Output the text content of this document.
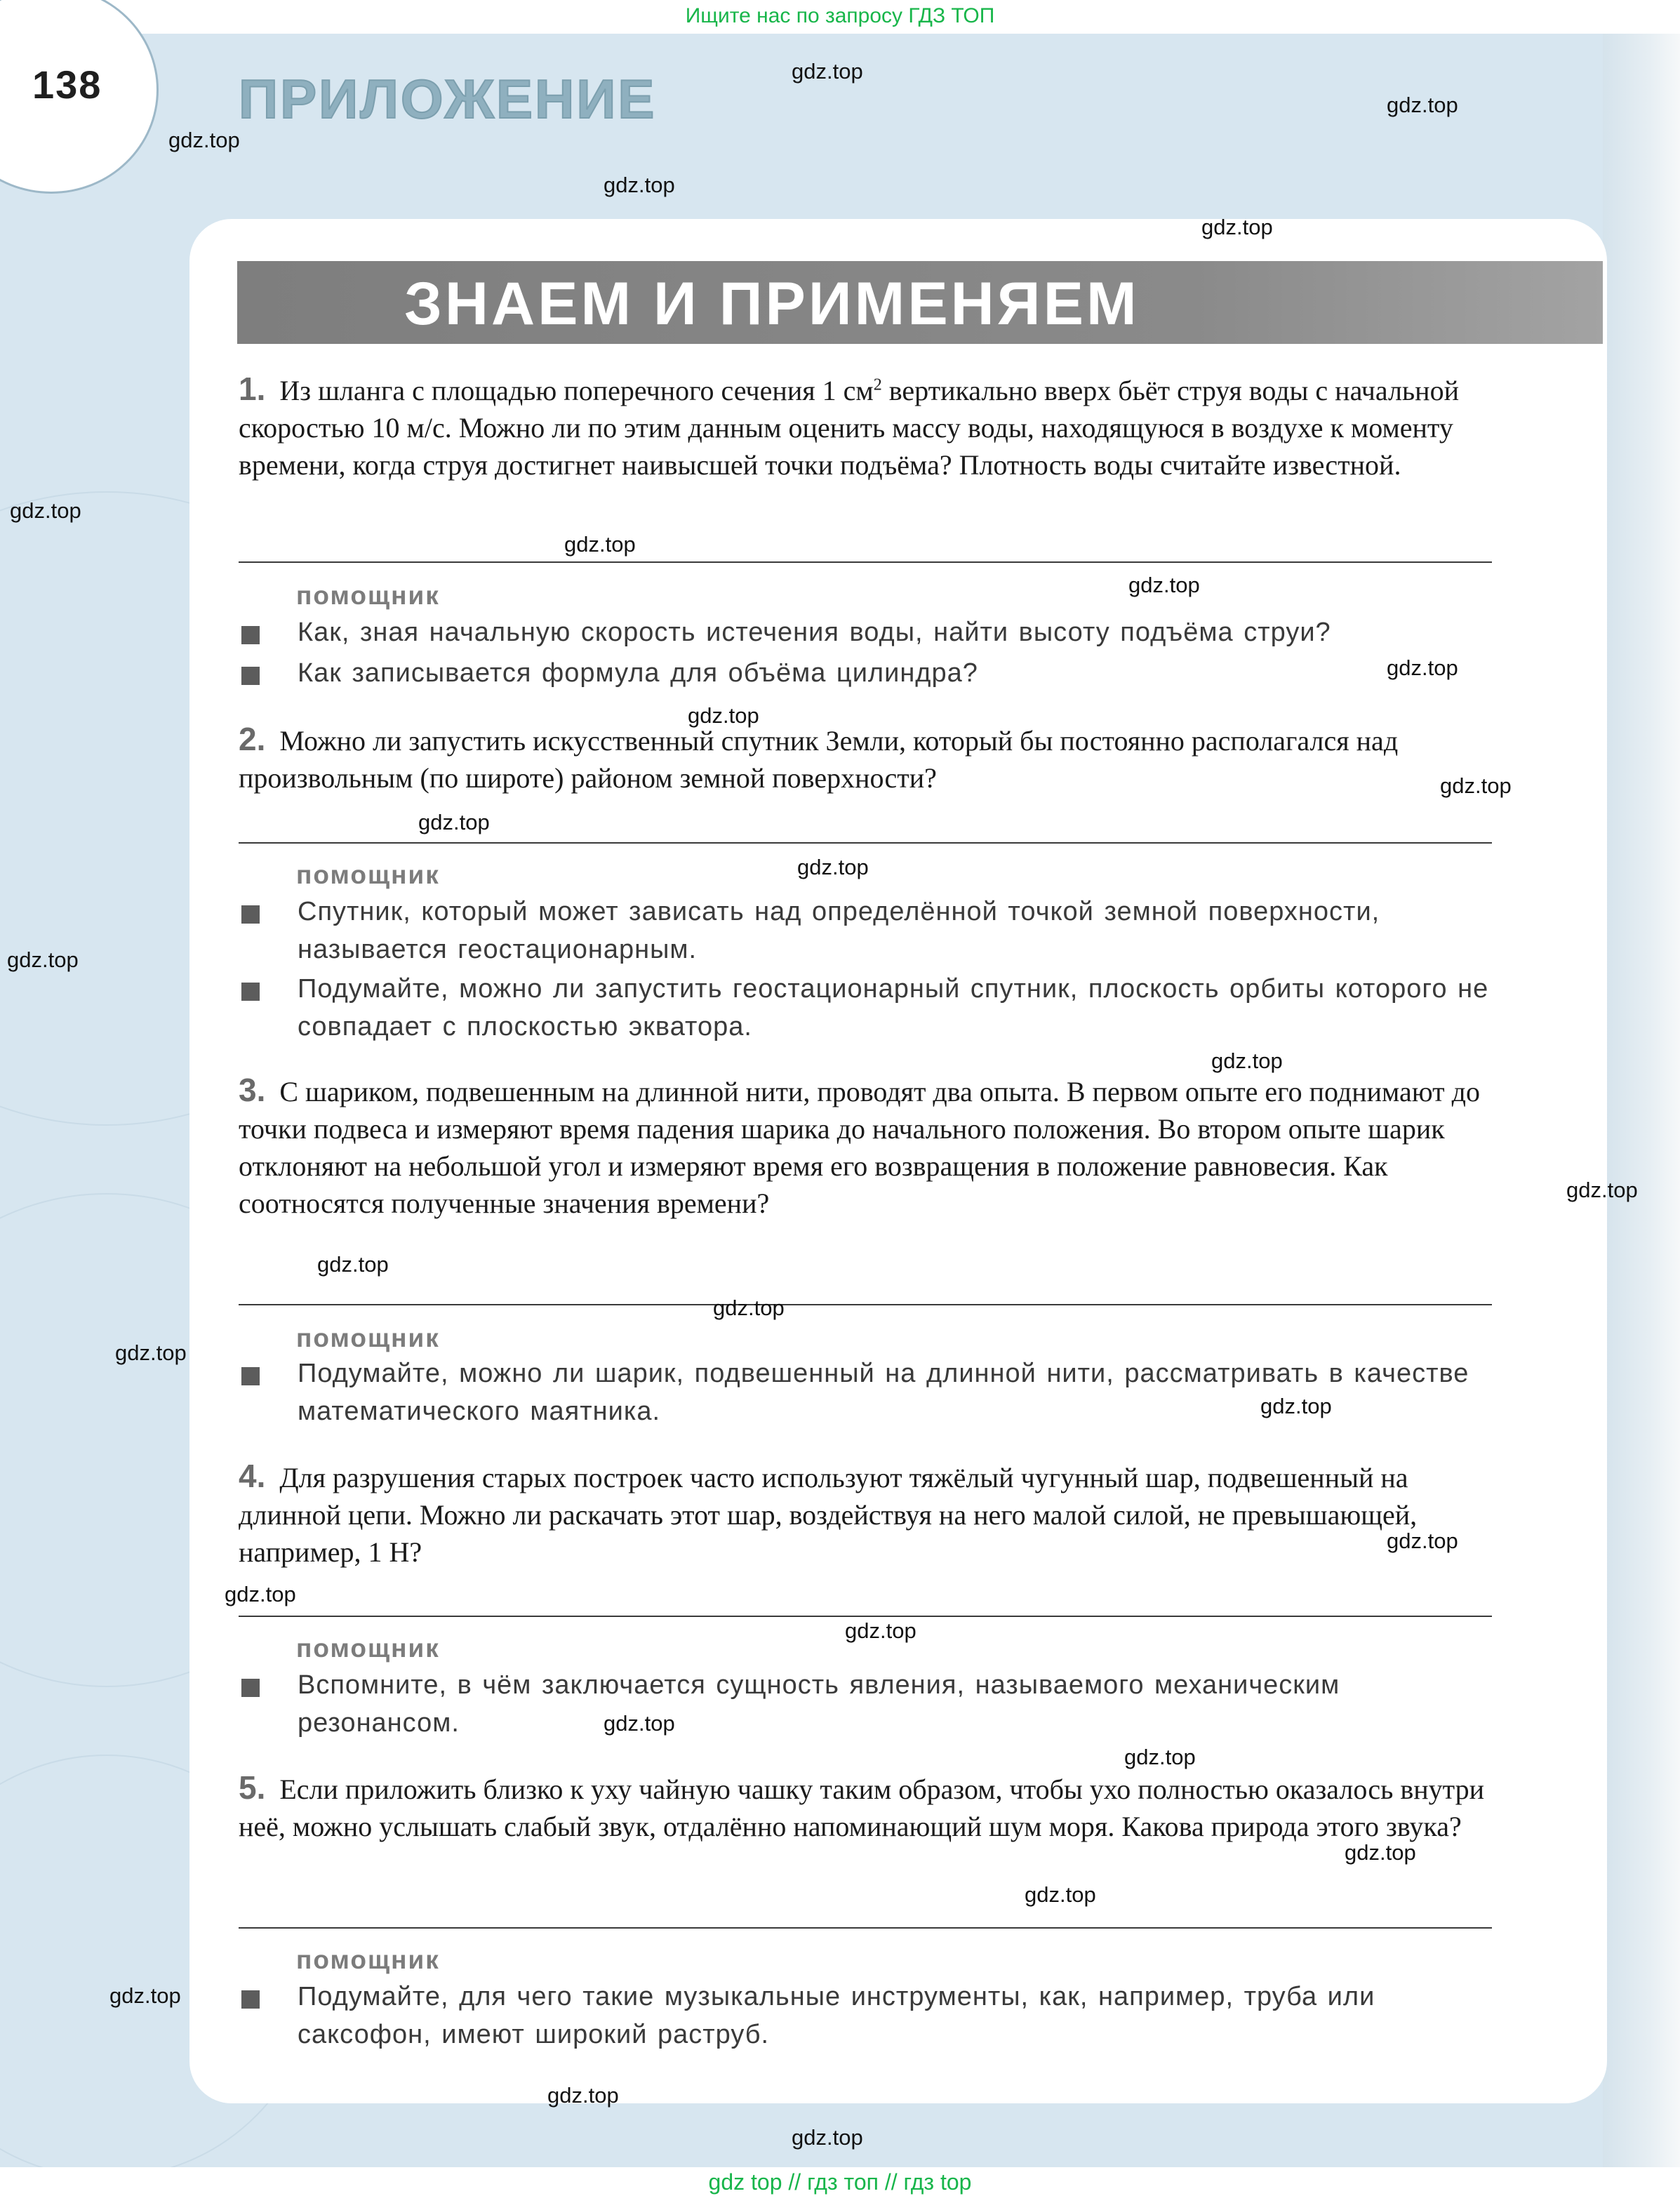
Ищите нас по запросу ГДЗ ТОП
138 ПРИЛОЖЕНИЕ
ЗНАЕМ И ПРИМЕНЯЕМ
1. Из шланга с площадью поперечного сечения 1 $см^2$ вертикально вверх бьёт струя воды с начальной скоростью 10 м/с. Можно ли по этим данным оценить массу воды, находящуюся в воздухе к моменту времени, когда струя достигнет наивысшей точки подъёма? Плотность воды считайте известной.
помощник
Как, зная начальную скорость истечения воды, найти высоту подъёма струи?
Как записывается формула для объёма цилиндра?
2. Можно ли запустить искусственный спутник Земли, который бы постоянно располагался над произвольным (по широте) районом земной поверхности?
помощник
Спутник, который может зависать над определённой точкой земной поверхности, называется геостационарным.
Подумайте, можно ли запустить геостационарный спутник, плоскость орбиты которого не совпадает с плоскостью экватора.
3. С шариком, подвешенным на длинной нити, проводят два опыта. В первом опыте его поднимают до точки подвеса и измеряют время падения шарика до начального положения. Во втором опыте шарик отклоняют на небольшой угол и измеряют время его возвращения в положение равновесия. Как соотносятся полученные значения времени?
помощник
Подумайте, можно ли шарик, подвешенный на длинной нити, рассматривать в качестве математического маятника.
4. Для разрушения старых построек часто используют тяжёлый чугунный шар, подвешенный на длинной цепи. Можно ли раскачать этот шар, воздействуя на него малой силой, не превышающей, например, 1 Н?
помощник
Вспомните, в чём заключается сущность явления, называемого механическим резонансом.
5. Если приложить близко к уху чайную чашку таким образом, чтобы ухо полностью оказалось внутри неё, можно услышать слабый звук, отдалённо напоминающий шум моря. Какова природа этого звука?
помощник
Подумайте, для чего такие музыкальные инструменты, как, например, труба или саксофон, имеют широкий раструб.
gdz.top
gdz.top
gdz.top
gdz.top
gdz.top
gdz.top
gdz.top
gdz.top
gdz.top
gdz.top
gdz.top
gdz.top
gdz.top
gdz.top
gdz.top
gdz.top
gdz.top
gdz.top
gdz.top
gdz.top
gdz.top
gdz.top
gdz.top
gdz.top
gdz.top
gdz.top
gdz.top
gdz.top
gdz.top
gdz.top
gdz top // гдз топ // гдз top
